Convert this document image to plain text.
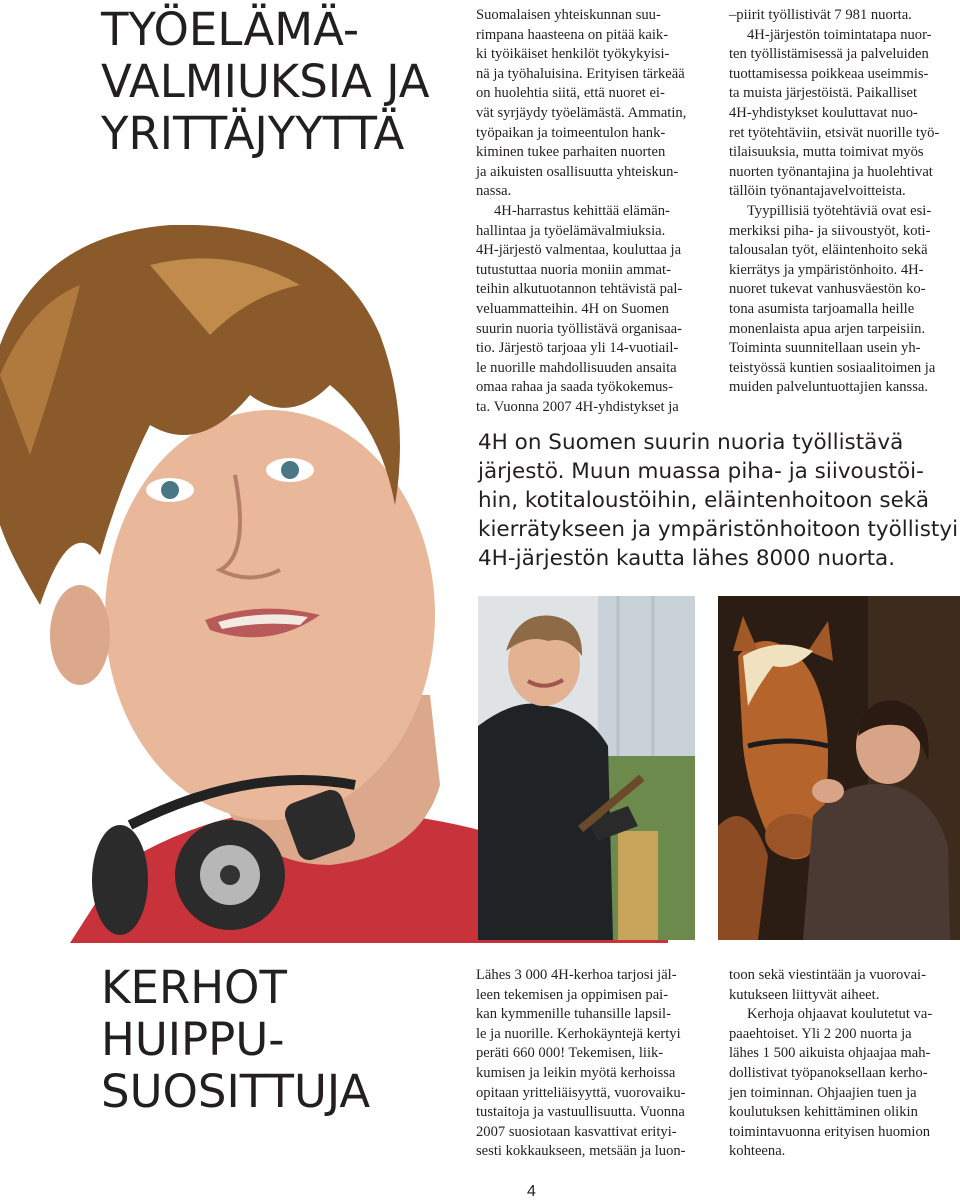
TYÖELÄMÄ-
VALMIUKSIA JA
YRITTÄJYYTTÄ

Suomalaisen yhteiskunnan suu-
rimpana haasteena on pitää kaik-
ki työikäiset henkilöt työkykyisi-
nä ja työhaluisina. Erityisen tärkeää
on huolehtia siitä, että nuoret ei-
vät syrjäydy työelämästä. Ammatin,
työpaikan ja toimeentulon hank-
kiminen tukee parhaiten nuorten
ja aikuisten osallisuutta yhteiskun-
nassa.

4H-harrastus kehittää elämän-
hallintaa ja työelämävalmiuksia.
4H-järjestö valmentaa, kouluttaa ja
tutustuttaa nuoria moniin ammat-
teihin alkutuotannon tehtävistä pal-
veluammatteihin. 4H on Suomen
suurin nuoria työllistävä organisaa-
tio. Järjestö tarjoaa yli 14-vuotiail-
le nuorille mahdollisuuden ansaita
omaa rahaa ja saada työkokemus-
ta. Vuonna 2007 4H-yhdistykset ja

–piirit työllistivät 7 981 nuorta.

4H-järjestön toimintatapa nuor-
ten työllistämisessä ja palveluiden
tuottamisessa poikkeaa useimmis-
ta muista järjestöistä. Paikalliset
4H-yhdistykset kouluttavat nuo-
ret työtehtäviin, etsivät nuorille työ-
tilaisuuksia, mutta toimivat myös
nuorten työnantajina ja huolehtivat
tällöin työnantajavelvoitteista.

Tyypillisiä työtehtäviä ovat esi-
merkiksi piha- ja siivoustyöt, koti-
talousalan työt, eläintenhoito sekä
kierrätys ja ympäristönhoito. 4H-
nuoret tukevat vanhusväestön ko-
tona asumista tarjoamalla heille
monenlaista apua arjen tarpeisiin.
Toiminta suunnitellaan usein yh-
teistyössä kuntien sosiaalitoimen ja
muiden palveluntuottajien kanssa.

4H on Suomen suurin nuoria työllistävä
järjestö. Muun muassa piha- ja siivoustöi-
hin, kotitaloustöihin, eläintenhoitoon sekä
kierrätykseen ja ympäristönhoitoon työllistyi
4H-järjestön kautta lähes 8000 nuorta.
KERHOT
HUIPPU-
SUOSITTUJA

Lähes 3 000 4H-kerhoa tarjosi jäl-
leen tekemisen ja oppimisen pai-
kan kymmenille tuhansille lapsil-
le ja nuorille. Kerhokäyntejä kertyi
peräti 660 000! Tekemisen, liik-
kumisen ja leikin myötä kerhoissa
opitaan yritteliäisyyttä, vuorovaiku-
tustaitoja ja vastuullisuutta. Vuonna
2007 suosiotaan kasvattivat erityi-
sesti kokkaukseen, metsään ja luon-

toon sekä viestintään ja vuorovai-
kutukseen liittyvät aiheet.

Kerhoja ohjaavat koulutetut va-
paaehtoiset. Yli 2 200 nuorta ja
lähes 1 500 aikuista ohjaajaa mah-
dollistivat työpanoksellaan kerho-
jen toiminnan. Ohjaajien tuen ja
koulutuksen kehittäminen olikin
toimintavuonna erityisen huomion
kohteena.

4
